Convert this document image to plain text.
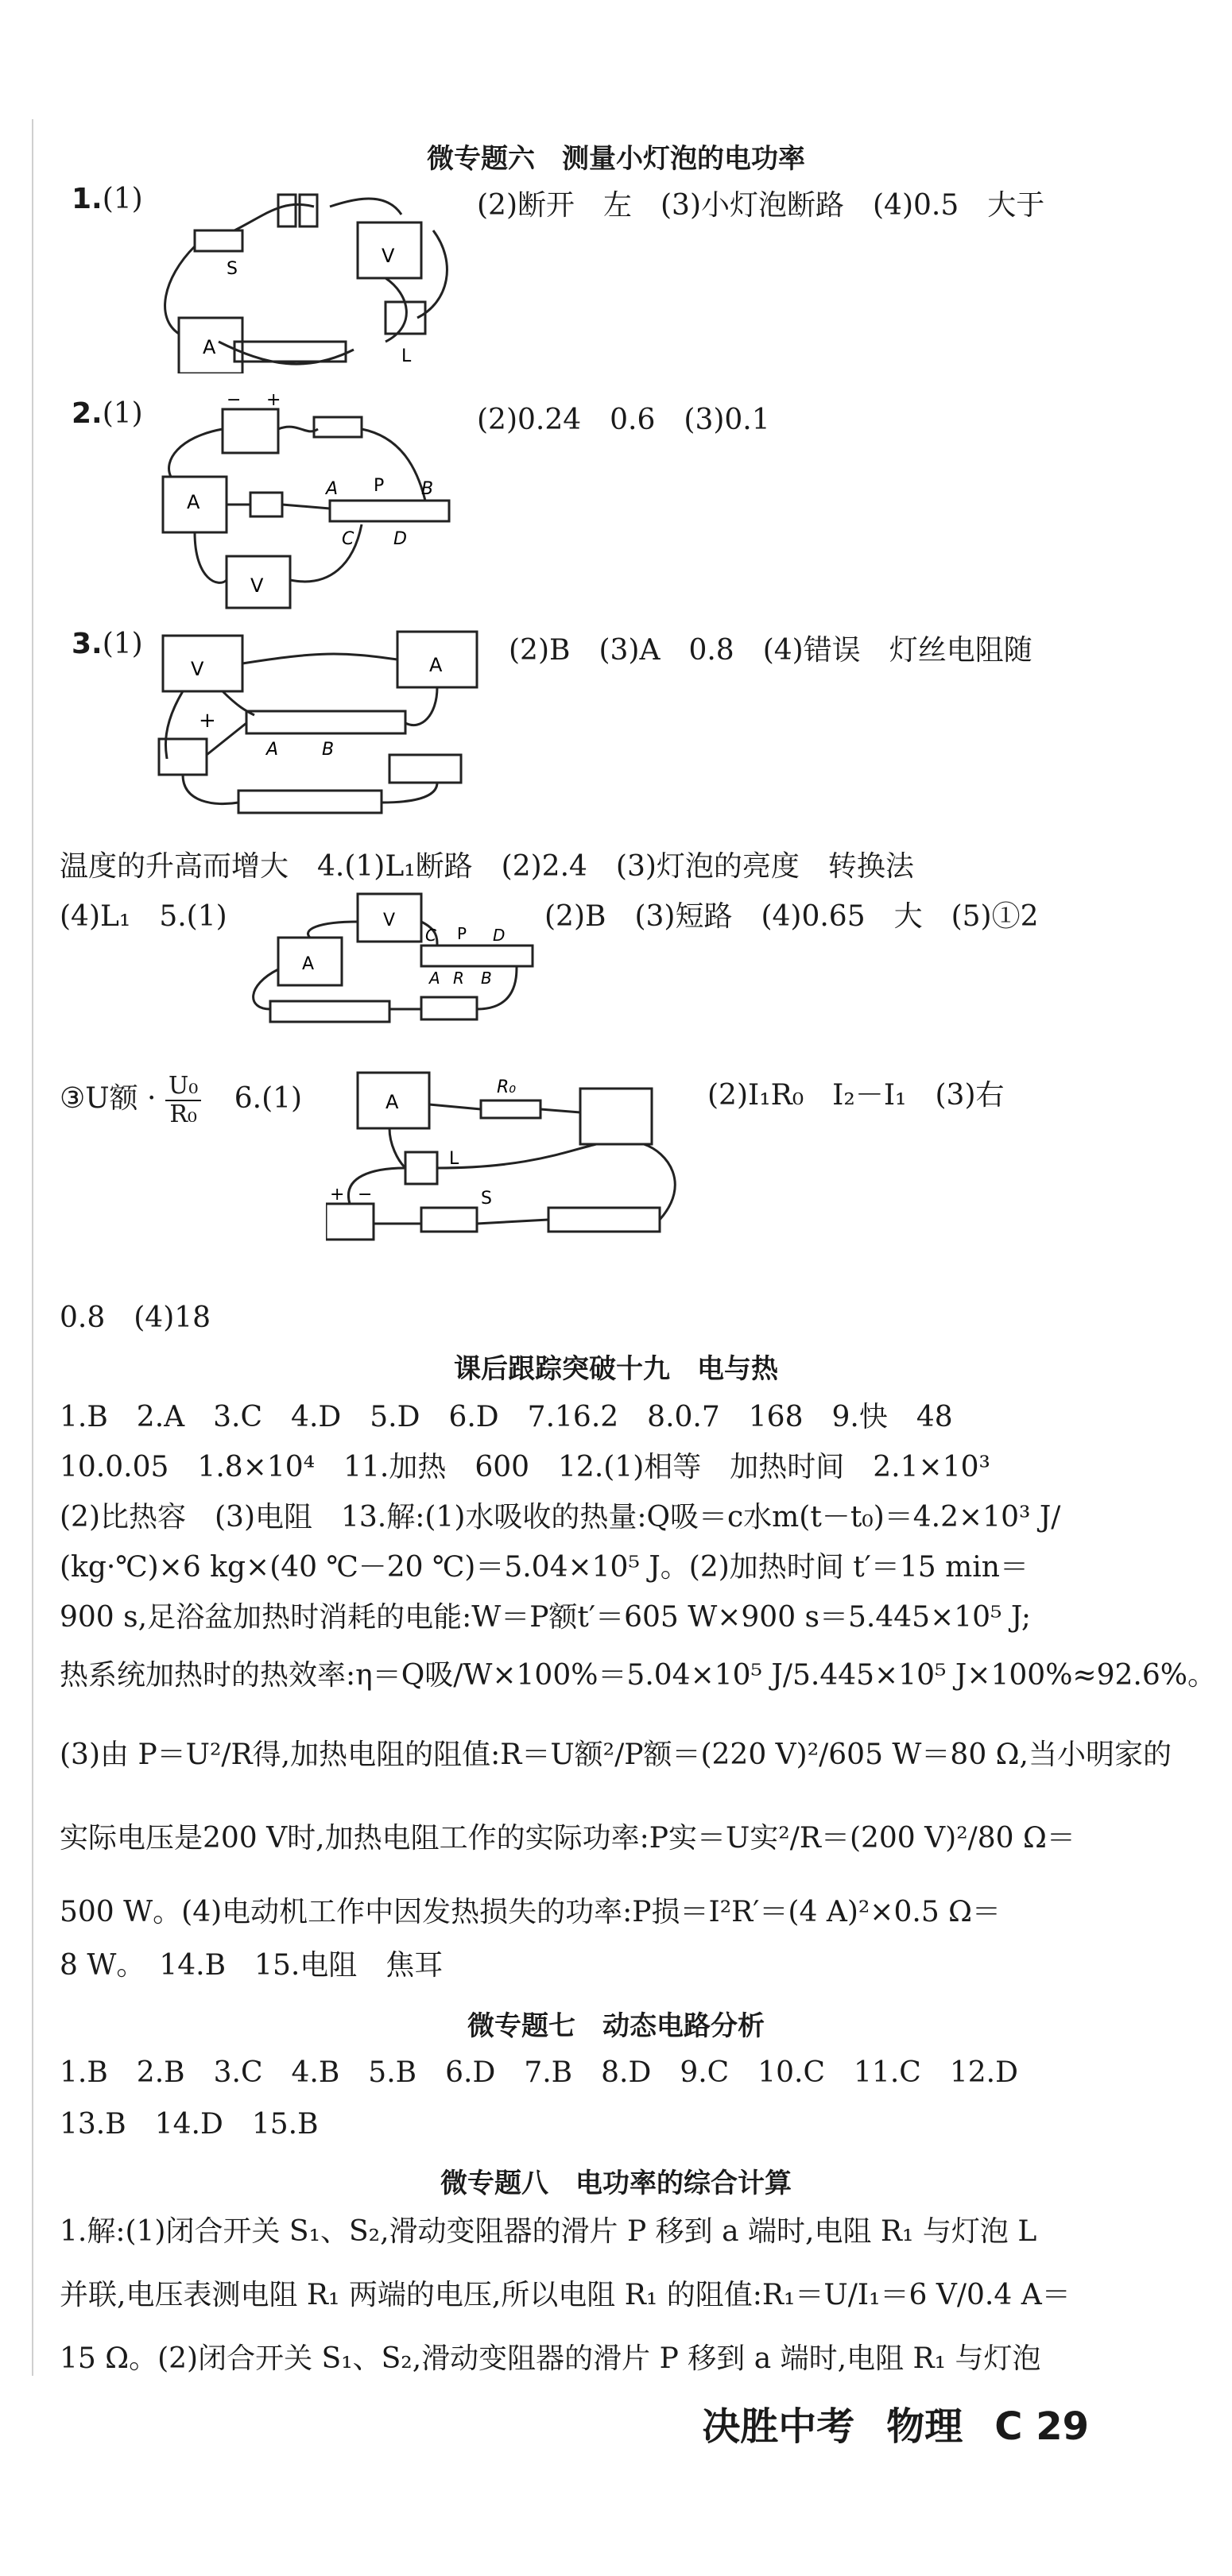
微专题六　测量小灯泡的电功率
1.(1)	(2)断开　左　(3)小灯泡断路　(4)0.5　大于
S
V
A	L
2.(1)	(2)0.24　0.6　(3)0.1
− +
A
A P B
C D
V
3.(1)	(2)B　(3)A　0.8　(4)错误　灯丝电阻随
V	A
+
A B
温度的升高而增大　4.(1)L₁断路　(2)2.4　(3)灯泡的亮度　转换法
(4)L₁　5.(1)	(2)B　(3)短路　(4)0.65　大　(5)①2
V
A
C P D
A R B
③U额 · $\frac{\text{U₀}}{\text{R₀}} 6.(1)$	(2)I₁R₀　I₂－I₁　(3)右
A
R₀
L
+ −	S
0.8　(4)18
课后跟踪突破十九　电与热
1.B　2.A　3.C　4.D　5.D　6.D　7.16.2　8.0.7　168　9.快　48
10.0.05　1.8×10⁴　11.加热　600　12.(1)相等　加热时间　2.1×10³
(2)比热容　(3)电阻　13.解:(1)水吸收的热量:Q吸＝c水m(t－t₀)＝4.2×10³ J/
(kg·℃)×6 kg×(40 ℃－20 ℃)＝5.04×10⁵ J。(2)加热时间 t′＝15 min＝
900 s,足浴盆加热时消耗的电能:W＝P额t′＝605 W×900 s＝5.445×10⁵ J;
热系统加热时的热效率:η＝Q吸/W×100%＝5.04×10⁵ J/5.445×10⁵ J×100%≈92.6%。
(3)由 P＝U²/R得,加热电阻的阻值:R＝U额²/P额＝(220 V)²/605 W＝80 Ω,当小明家的
实际电压是200 V时,加热电阻工作的实际功率:P实＝U实²/R＝(200 V)²/80 Ω＝
500 W。(4)电动机工作中因发热损失的功率:P损＝I²R′＝(4 A)²×0.5 Ω＝
8 W。　14.B　15.电阻　焦耳
微专题七　动态电路分析
1.B　2.B　3.C　4.B　5.B　6.D　7.B　8.D　9.C　10.C　11.C　12.D
13.B　14.D　15.B
微专题八　电功率的综合计算
1.解:(1)闭合开关 S₁、S₂,滑动变阻器的滑片 P 移到 a 端时,电阻 R₁ 与灯泡 L
并联,电压表测电阻 R₁ 两端的电压,所以电阻 R₁ 的阻值:R₁＝U/I₁＝6 V/0.4 A＝
15 Ω。(2)闭合开关 S₁、S₂,滑动变阻器的滑片 P 移到 a 端时,电阻 R₁ 与灯泡
决胜中考 物理 C 29
